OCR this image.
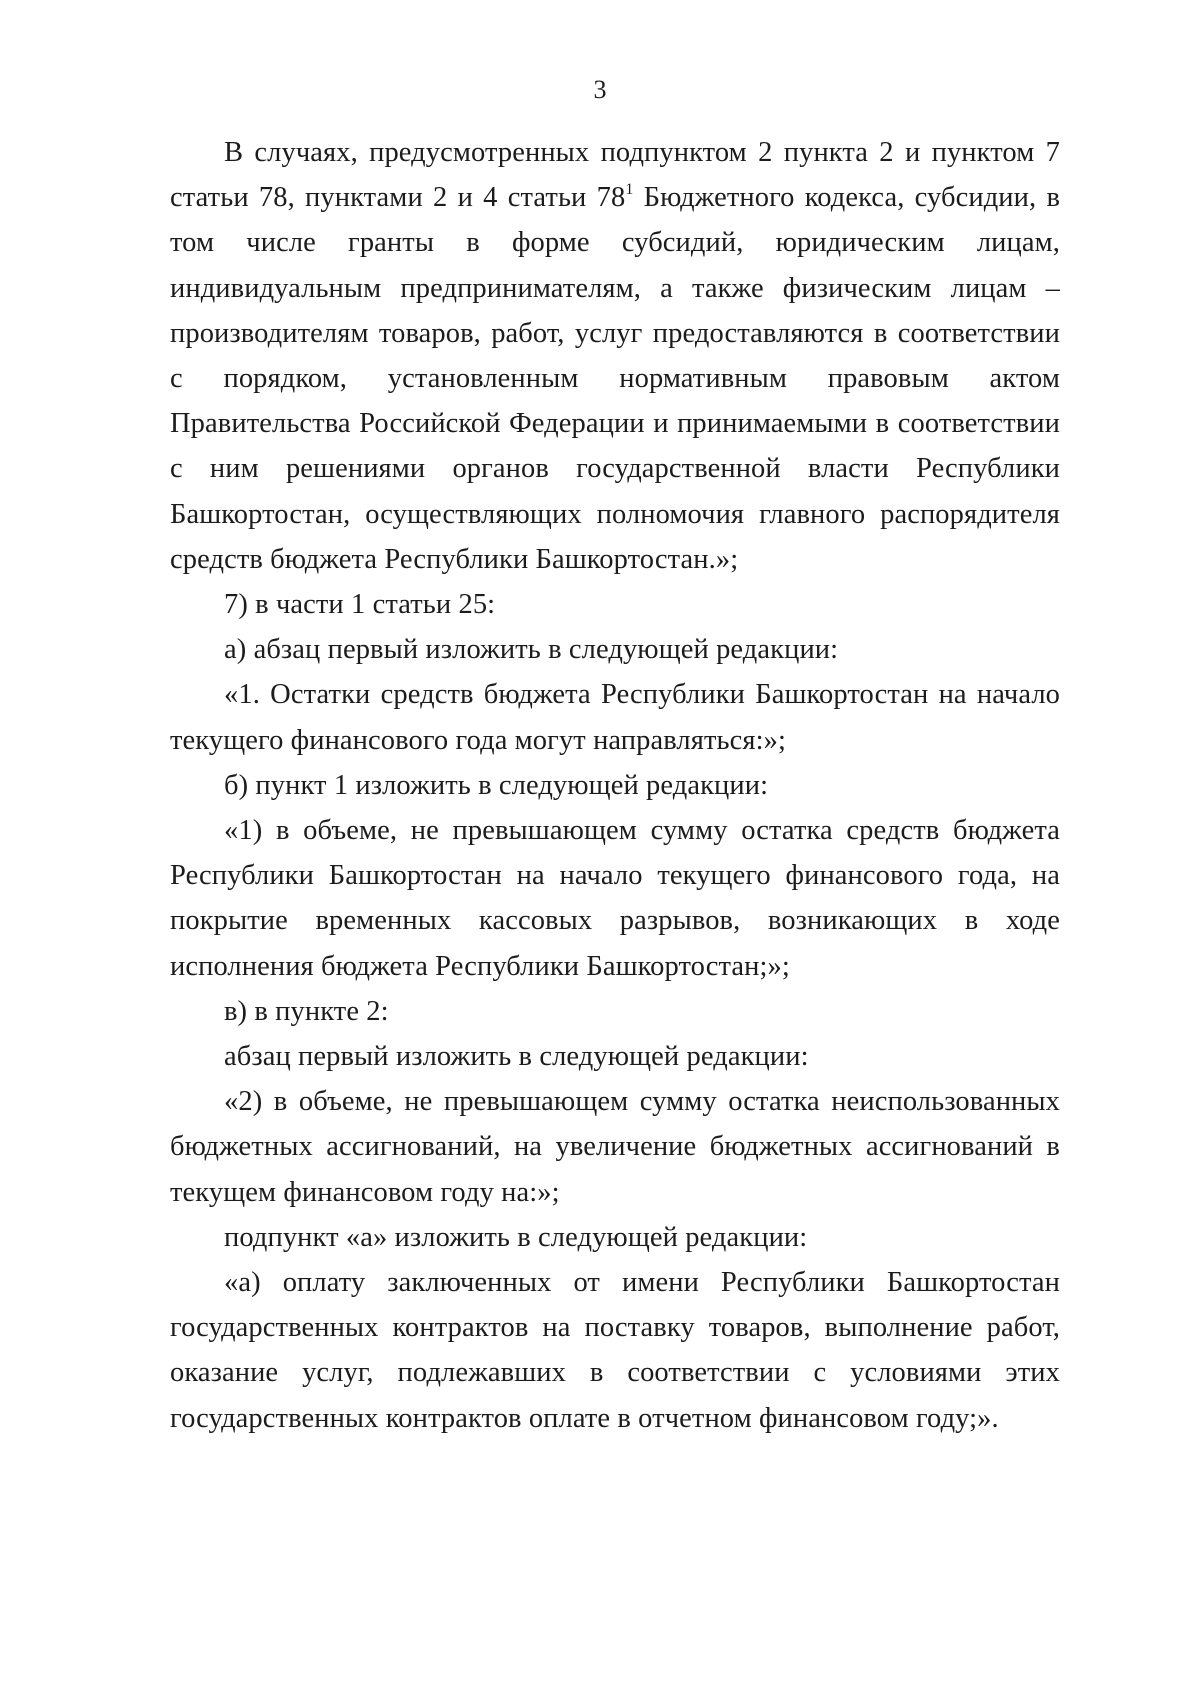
3

В случаях, предусмотренных подпунктом 2 пункта 2 и пунктом 7 статьи 78, пунктами 2 и 4 статьи $78^1$ Бюджетного кодекса, субсидии, в том числе гранты в форме субсидий, юридическим лицам, индивидуальным предпринимателям, а также физическим лицам – производителям товаров, работ, услуг предоставляются в соответствии с порядком, установленным нормативным правовым актом Правительства Российской Федерации и принимаемыми в соответствии с ним решениями органов государственной власти Республики Башкортостан, осуществляющих полномочия главного распорядителя средств бюджета Республики Башкортостан.»;

7) в части 1 статьи 25:

а) абзац первый изложить в следующей редакции:

«1. Остатки средств бюджета Республики Башкортостан на начало текущего финансового года могут направляться:»;

б) пункт 1 изложить в следующей редакции:

«1) в объеме, не превышающем сумму остатка средств бюджета Республики Башкортостан на начало текущего финансового года, на покрытие временных кассовых разрывов, возникающих в ходе исполнения бюджета Республики Башкортостан;»;

в) в пункте 2:

абзац первый изложить в следующей редакции:

«2) в объеме, не превышающем сумму остатка неиспользованных бюджетных ассигнований, на увеличение бюджетных ассигнований в текущем финансовом году на:»;

подпункт «а» изложить в следующей редакции:

«а) оплату заключенных от имени Республики Башкортостан государственных контрактов на поставку товаров, выполнение работ, оказание услуг, подлежавших в соответствии с условиями этих государственных контрактов оплате в отчетном финансовом году;».
